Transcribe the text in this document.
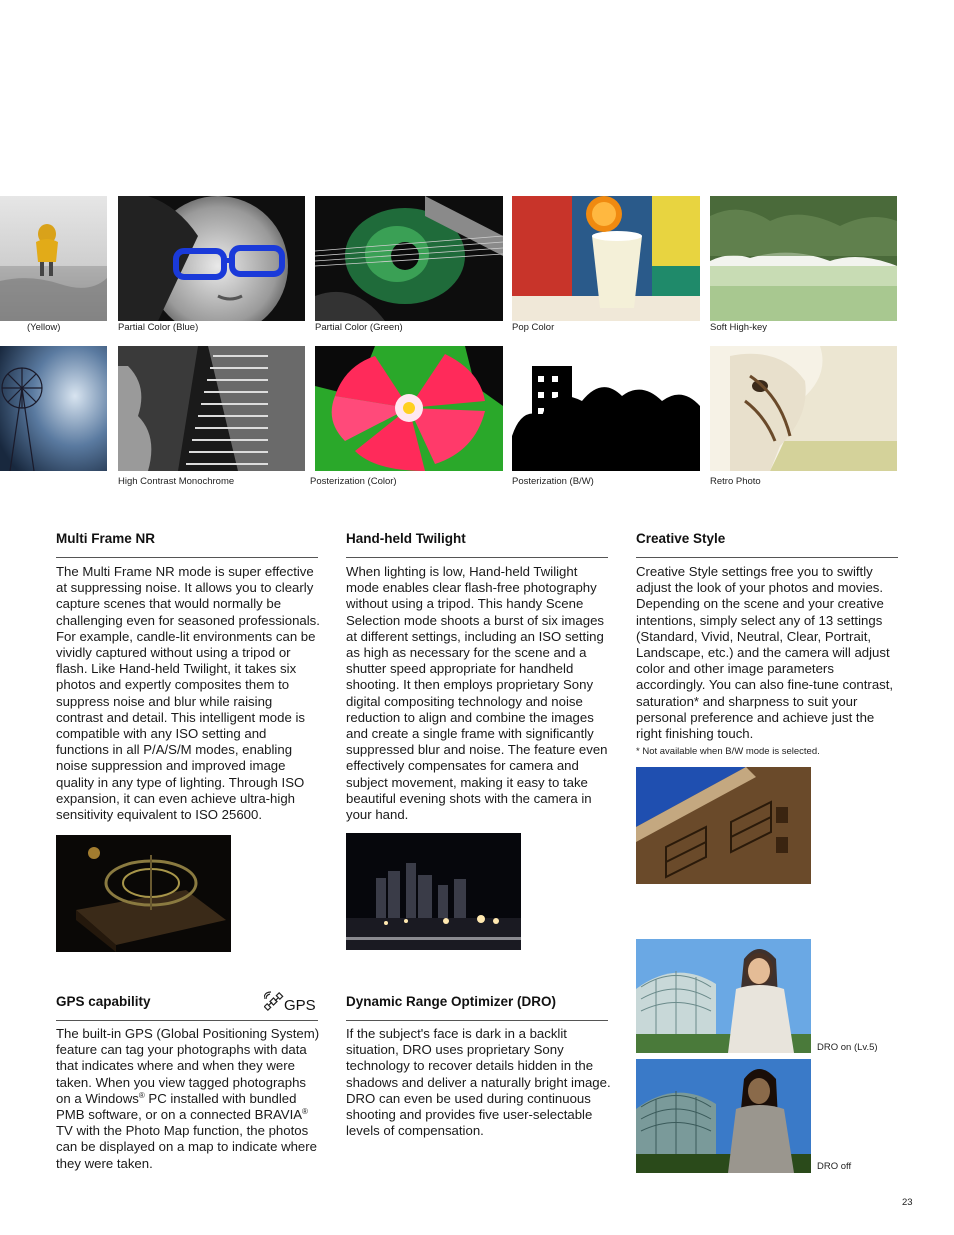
(Yellow)	Partial Color (Blue)	Partial Color (Green)	Pop Color	Soft High-key
High Contrast Monochrome	Posterization (Color)	Posterization (B/W)	Retro Photo
Multi Frame NR

The Multi Frame NR mode is super effective at suppressing noise. It allows you to clearly capture scenes that would normally be challenging even for seasoned professionals. For example, candle-lit environments can be vividly captured without using a tripod or flash. Like Hand-held Twilight, it takes six photos and expertly composites them to suppress noise and blur while raising contrast and detail. This intelligent mode is compatible with any ISO setting and functions in all P/A/S/M modes, enabling noise suppression and improved image quality in any type of lighting. Through ISO expansion, it can even achieve ultra-high sensitivity equivalent to ISO 25600.

Hand-held Twilight

When lighting is low, Hand-held Twilight mode enables clear flash-free photography without using a tripod. This handy Scene Selection mode shoots a burst of six images at different settings, including an ISO setting as high as necessary for the scene and a shutter speed appropriate for handheld shooting. It then employs proprietary Sony digital compositing technology and noise reduction to align and combine the images and create a single frame with significantly suppressed blur and noise. The feature even effectively compensates for camera and subject movement, making it easy to take beautiful evening shots with the camera in your hand.

Creative Style

Creative Style settings free you to swiftly adjust the look of your photos and movies. Depending on the scene and your creative intentions, simply select any of 13 settings (Standard, Vivid, Neutral, Clear, Portrait, Landscape, etc.) and the camera will adjust color and other image parameters accordingly. You can also fine-tune contrast, saturation* and sharpness to suit your personal preference and achieve just the right finishing touch.

* Not available when B/W mode is selected.
GPS capability	GPS

The built-in GPS (Global Positioning System) feature can tag your photographs with data that indicates where and when they were taken. When you view tagged photographs on a Windows® PC installed with bundled PMB software, or on a connected BRAVIA® TV with the Photo Map function, the photos can be displayed on a map to indicate where they were taken.

Dynamic Range Optimizer (DRO)

If the subject's face is dark in a backlit situation, DRO uses proprietary Sony technology to recover details hidden in the shadows and deliver a naturally bright image. DRO can even be used during continuous shooting and provides five user-selectable levels of compensation.

DRO on (Lv.5)
DRO off
23
